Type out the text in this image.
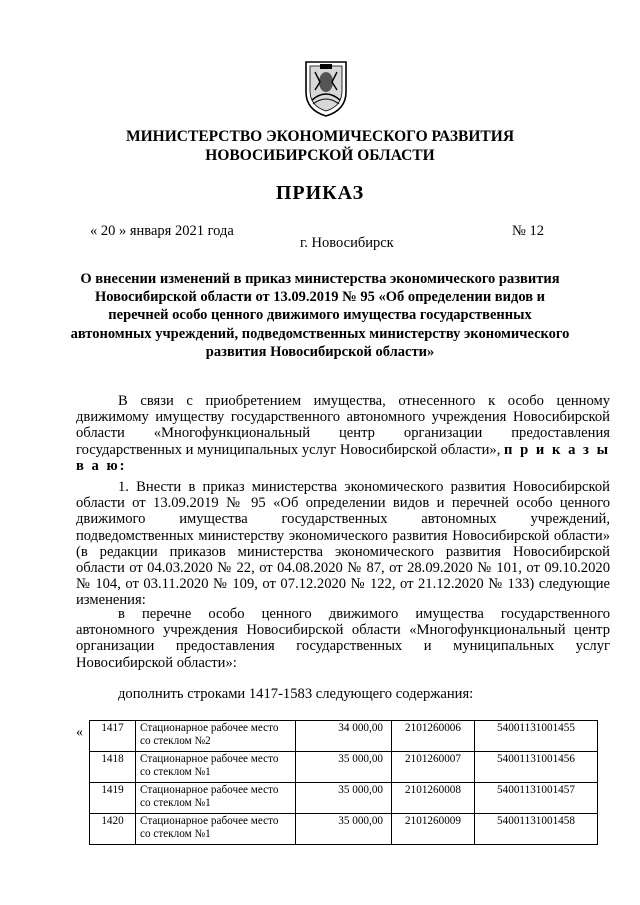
МИНИСТЕРСТВО ЭКОНОМИЧЕСКОГО РАЗВИТИЯ
НОВОСИБИРСКОЙ ОБЛАСТИ
ПРИКАЗ
« 20 » января 2021 года	№ 12
г. Новосибирск
О внесении изменений в приказ министерства экономического развития Новосибирской области от 13.09.2019 № 95 «Об определении видов и перечней особо ценного движимого имущества государственных автономных учреждений, подведомственных министерству экономического развития Новосибирской области»
В связи с приобретением имущества, отнесенного к особо ценному движимому имуществу государственного автономного учреждения Новосибирской области «Многофункциональный центр организации предоставления государственных и муниципальных услуг Новосибирской области», п р и к а з ы в а ю:
1. Внести в приказ министерства экономического развития Новосибирской области от 13.09.2019 № 95 «Об определении видов и перечней особо ценного движимого имущества государственных автономных учреждений, подведомственных министерству экономического развития Новосибирской области» (в редакции приказов министерства экономического развития Новосибирской области от 04.03.2020 № 22, от 04.08.2020 № 87, от 28.09.2020 № 101, от 09.10.2020 № 104, от 03.11.2020 № 109, от 07.12.2020 № 122, от 21.12.2020 № 133) следующие изменения:
в перечне особо ценного движимого имущества государственного автономного учреждения Новосибирской области «Многофункциональный центр организации предоставления государственных и муниципальных услуг Новосибирской области»:
дополнить строками 1417-1583 следующего содержания:
« 1417	Стационарное рабочее место со стеклом №2	34 000,00	2101260006	54001131001455
1418	Стационарное рабочее место со стеклом №1	35 000,00	2101260007	54001131001456
1419	Стационарное рабочее место со стеклом №1	35 000,00	2101260008	54001131001457
1420	Стационарное рабочее место со стеклом №1	35 000,00	2101260009	54001131001458
